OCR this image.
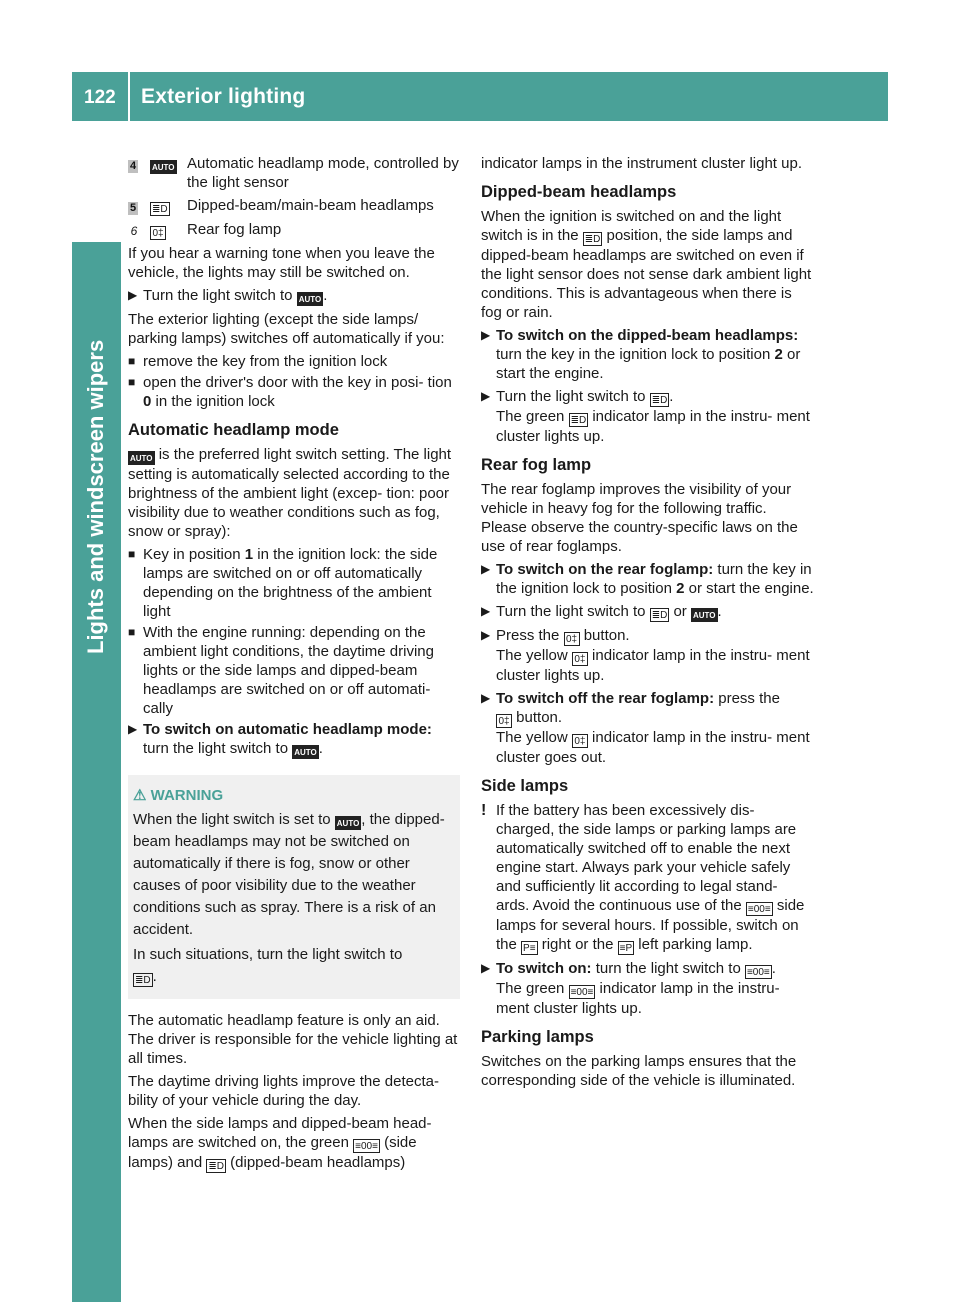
122 Exterior lighting
Lights and windscreen wipers
4	AUTO Automatic headlamp mode, controlled by the light sensor
5	≣D	Dipped-beam/main-beam headlamps
6	0‡	Rear fog lamp

If you hear a warning tone when you leave the vehicle, the lights may still be switched on.

▶ Turn the light switch to AUTO .

The exterior lighting (except the side lamps/ parking lamps) switches off automatically if you:

■ remove the key from the ignition lock
■ open the driver's door with the key in posi- tion 0 in the ignition lock
Automatic headlamp mode

AUTO is the preferred light switch setting. The light setting is automatically selected according to the brightness of the ambient light (excep- tion: poor visibility due to weather conditions such as fog, snow or spray):

■ Key in position 1 in the ignition lock: the side lamps are switched on or off automatically depending on the brightness of the ambient light
■ With the engine running: depending on the ambient light conditions, the daytime driving lights or the side lamps and dipped-beam headlamps are switched on or off automati- cally
▶ To switch on automatic headlamp mode:
turn the light switch to AUTO .
⚠ WARNING

When the light switch is set to AUTO , the dipped-beam headlamps may not be switched on automatically if there is fog, snow or other causes of poor visibility due to the weather conditions such as spray. There is a risk of an accident.

In such situations, turn the light switch to
≣D .

The automatic headlamp feature is only an aid. The driver is responsible for the vehicle lighting at all times.

The daytime driving lights improve the detecta- bility of your vehicle during the day.

When the side lamps and dipped-beam head- lamps are switched on, the green ≡00≡ (side lamps) and ≣D (dipped-beam headlamps)

indicator lamps in the instrument cluster light up.

Dipped-beam headlamps

When the ignition is switched on and the light switch is in the ≣D position, the side lamps and dipped-beam headlamps are switched on even if the light sensor does not sense dark ambient light conditions. This is advantageous when there is fog or rain.

▶ To switch on the dipped-beam headlamps: turn the key in the ignition lock to position 2 or start the engine.
▶ Turn the light switch to ≣D .
The green ≣D indicator lamp in the instru- ment cluster lights up.
Rear fog lamp

The rear foglamp improves the visibility of your vehicle in heavy fog for the following traffic. Please observe the country-specific laws on the use of rear foglamps.

▶ To switch on the rear foglamp: turn the key in the ignition lock to position 2 or start the engine.
▶ Turn the light switch to ≣D or AUTO .
▶ Press the 0‡ button.
The yellow 0‡ indicator lamp in the instru- ment cluster lights up.
▶ To switch off the rear foglamp: press the
0‡ button.
The yellow 0‡ indicator lamp in the instru- ment cluster goes out.
Side lamps
! If the battery has been excessively dis- charged, the side lamps or parking lamps are automatically switched off to enable the next engine start. Always park your vehicle safely and sufficiently lit according to legal stand- ards. Avoid the continuous use of the ≡00≡ side lamps for several hours. If possible, switch on the P≡ right or the ≡P left parking lamp.
▶ To switch on: turn the light switch to ≡00≡ .
The green ≡00≡ indicator lamp in the instru- ment cluster lights up.
Parking lamps

Switches on the parking lamps ensures that the corresponding side of the vehicle is illuminated.
